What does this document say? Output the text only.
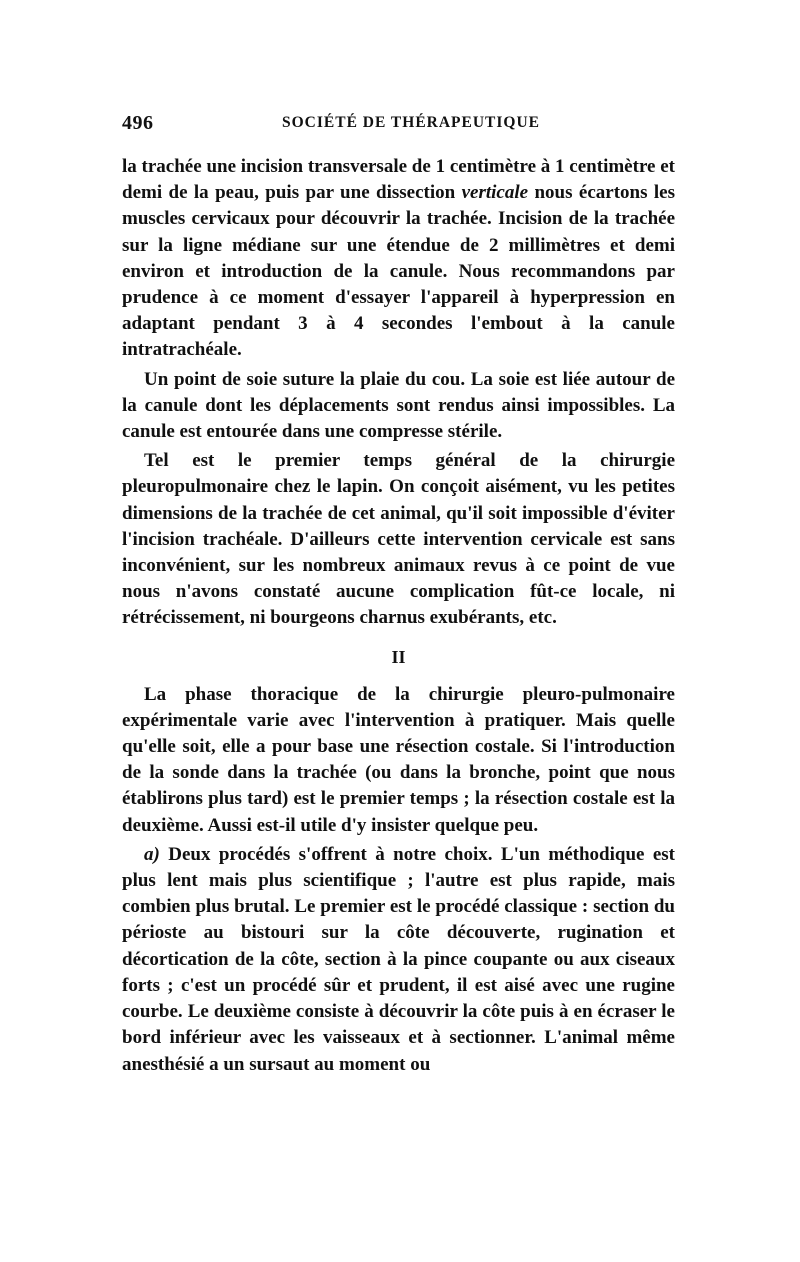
496	SOCIÉTÉ DE THÉRAPEUTIQUE

la trachée une incision transversale de 1 centimètre à 1 centimètre et demi de la peau, puis par une dissection verticale nous écartons les muscles cervicaux pour découvrir la trachée. Incision de la trachée sur la ligne médiane sur une étendue de 2 millimètres et demi environ et introduction de la canule. Nous recommandons par prudence à ce moment d'essayer l'appareil à hyperpression en adaptant pendant 3 à 4 secondes l'embout à la canule intratrachéale.

Un point de soie suture la plaie du cou. La soie est liée autour de la canule dont les déplacements sont rendus ainsi impossibles. La canule est entourée dans une compresse stérile.

Tel est le premier temps général de la chirurgie pleuropulmonaire chez le lapin. On conçoit aisément, vu les petites dimensions de la trachée de cet animal, qu'il soit impossible d'éviter l'incision trachéale. D'ailleurs cette intervention cervicale est sans inconvénient, sur les nombreux animaux revus à ce point de vue nous n'avons constaté aucune complication fût-ce locale, ni rétrécissement, ni bourgeons charnus exubérants, etc.

II

La phase thoracique de la chirurgie pleuro-pulmonaire expérimentale varie avec l'intervention à pratiquer. Mais quelle qu'elle soit, elle a pour base une résection costale. Si l'introduction de la sonde dans la trachée (ou dans la bronche, point que nous établirons plus tard) est le premier temps ; la résection costale est la deuxième. Aussi est-il utile d'y insister quelque peu.

a) Deux procédés s'offrent à notre choix. L'un méthodique est plus lent mais plus scientifique ; l'autre est plus rapide, mais combien plus brutal. Le premier est le procédé classique : section du périoste au bistouri sur la côte découverte, rugination et décortication de la côte, section à la pince coupante ou aux ciseaux forts ; c'est un procédé sûr et prudent, il est aisé avec une rugine courbe. Le deuxième consiste à découvrir la côte puis à en écraser le bord inférieur avec les vaisseaux et à sectionner. L'animal même anesthésié a un sursaut au moment ou
